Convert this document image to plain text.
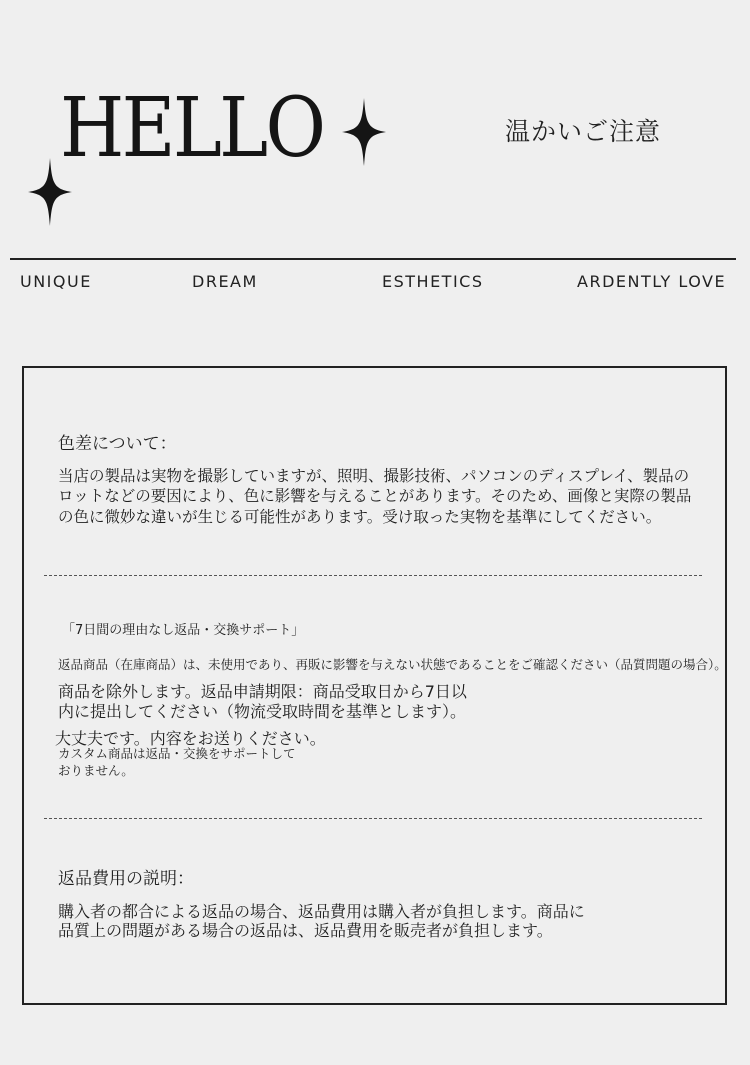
HELLO	温かいご注意
UNIQUE	DREAM	ESTHETICS	ARDENTLY LOVE
色差について：
当店の製品は実物を撮影していますが、照明、撮影技術、パソコンのディスプレイ、製品の
ロットなどの要因により、色に影響を与えることがあります。そのため、画像と実際の製品
の色に微妙な違いが生じる可能性があります。受け取った実物を基準にしてください。
「7日間の理由なし返品・交換サポート」
返品商品（在庫商品）は、未使用であり、再販に影響を与えない状態であることをご確認ください（品質問題の場合）。
商品を除外します。返品申請期限：商品受取日から7日以
内に提出してください（物流受取時間を基準とします）。
大丈夫です。内容をお送りください。
カスタム商品は返品・交換をサポートして
おりません。
返品費用の説明：
購入者の都合による返品の場合、返品費用は購入者が負担します。商品に
品質上の問題がある場合の返品は、返品費用を販売者が負担します。
